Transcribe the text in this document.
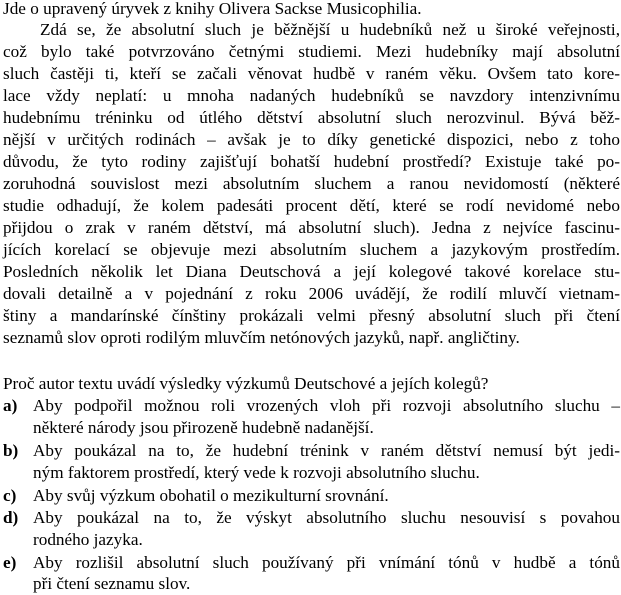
Jde o upravený úryvek z knihy Olivera Sackse Musicophilia.
Zdá se, že absolutní sluch je běžnější u hudebníků než u široké veřejnosti,
což bylo také potvrzováno četnými studiemi. Mezi hudebníky mají absolutní
sluch častěji ti, kteří se začali věnovat hudbě v raném věku. Ovšem tato kore-
lace vždy neplatí: u mnoha nadaných hudebníků se navzdory intenzivnímu
hudebnímu tréninku od útlého dětství absolutní sluch nerozvinul. Bývá běž-
nější v určitých rodinách – avšak je to díky genetické dispozici, nebo z toho
důvodu, že tyto rodiny zajišťují bohatší hudební prostředí? Existuje také po-
zoruhodná souvislost mezi absolutním sluchem a ranou nevidomostí (některé
studie odhadují, že kolem padesáti procent dětí, které se rodí nevidomé nebo
přijdou o zrak v raném dětství, má absolutní sluch). Jedna z nejvíce fascinu-
jících korelací se objevuje mezi absolutním sluchem a jazykovým prostředím.
Posledních několik let Diana Deutschová a její kolegové takové korelace stu-
dovali detailně a v pojednání z roku 2006 uvádějí, že rodilí mluvčí vietnam-
štiny a mandarínské čínštiny prokázali velmi přesný absolutní sluch při čtení
seznamů slov oproti rodilým mluvčím netónových jazyků, např. angličtiny.
Proč autor textu uvádí výsledky výzkumů Deutschové a jejích kolegů?
a) Aby podpořil možnou roli vrozených vloh při rozvoji absolutního sluchu –
některé národy jsou přirozeně hudebně nadanější.
b) Aby poukázal na to, že hudební trénink v raném dětství nemusí být jedi-
ným faktorem prostředí, který vede k rozvoji absolutního sluchu.
c) Aby svůj výzkum obohatil o mezikulturní srovnání.
d) Aby poukázal na to, že výskyt absolutního sluchu nesouvisí s povahou
rodného jazyka.
e) Aby rozlišil absolutní sluch používaný při vnímání tónů v hudbě a tónů
při čtení seznamu slov.
